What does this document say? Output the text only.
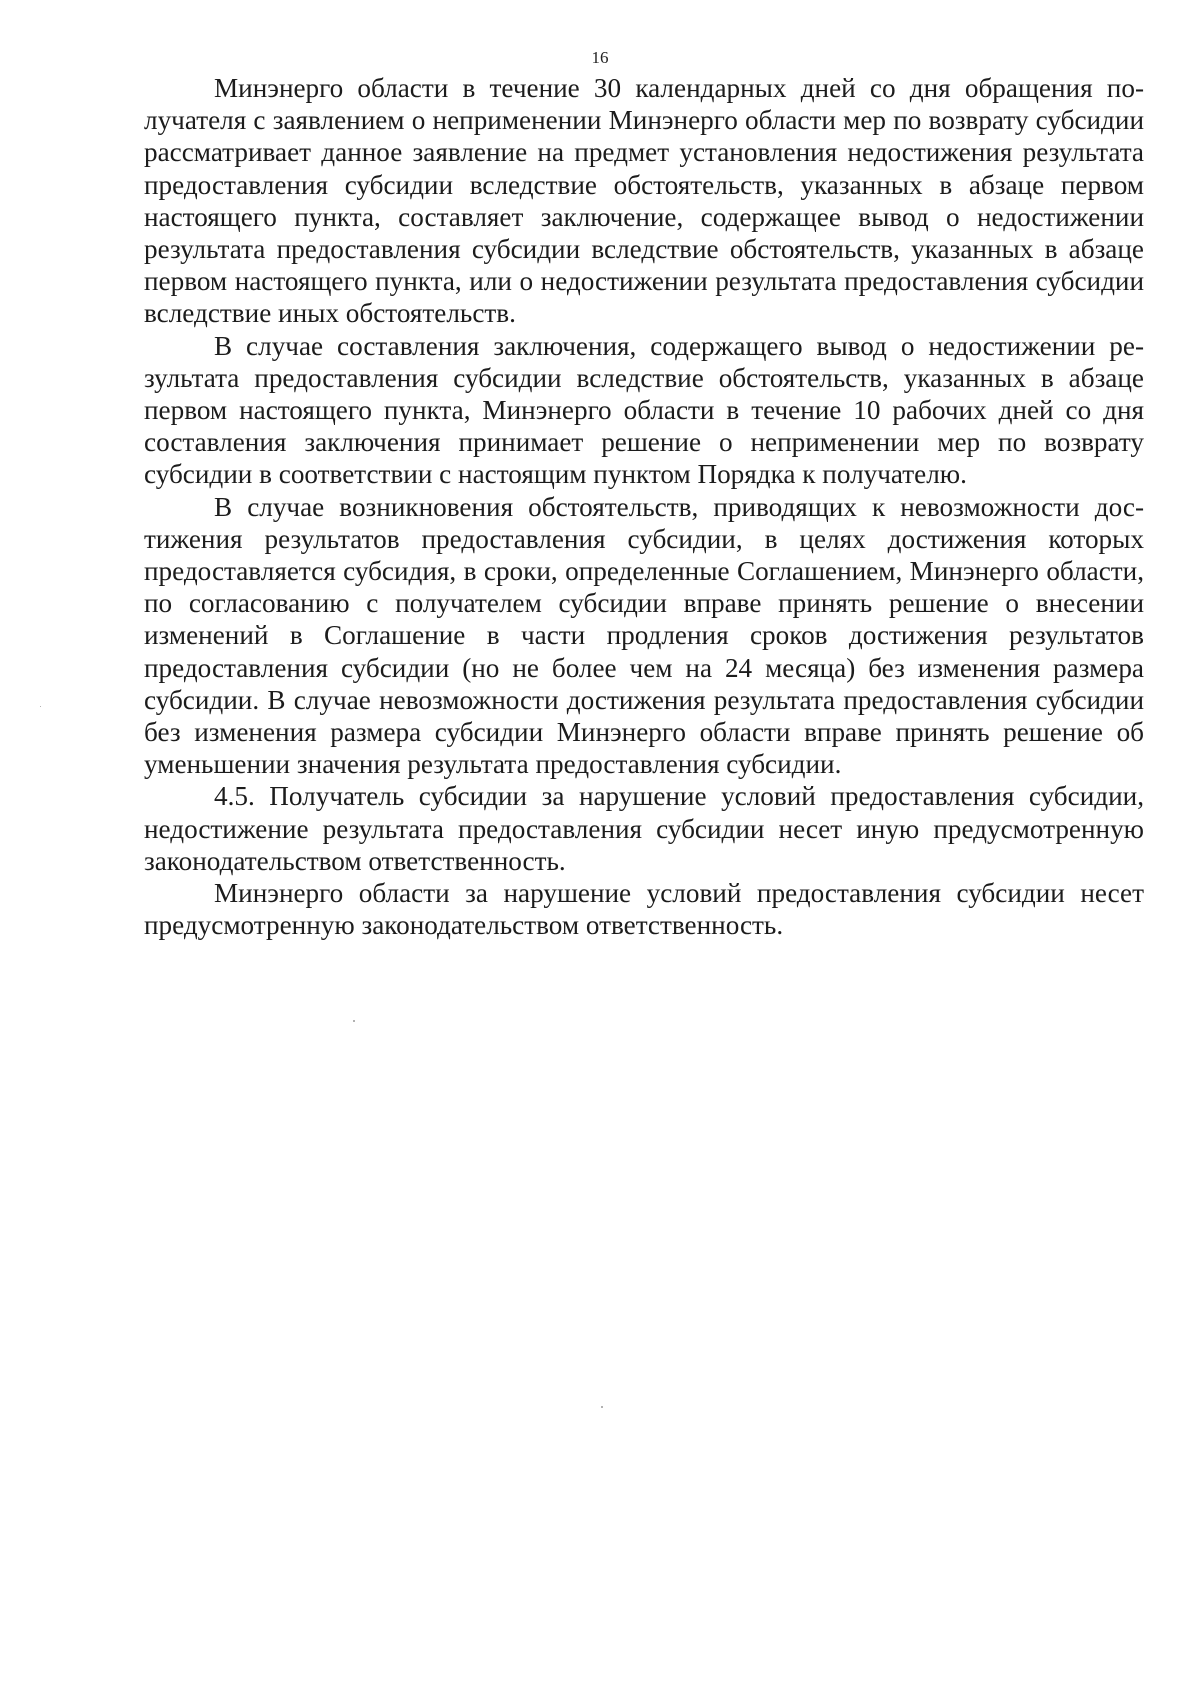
16

Минэнерго области в течение 30 календарных дней со дня обращения получателя с заявлением о неприменении Минэнерго области мер по возврату субсидии рассматривает данное заявление на предмет установления недостижения результата предоставления субсидии вследствие обстоятельств, указанных в абзаце первом настоящего пункта, составляет заключение, содержащее вывод о недостижении результата предоставления субсидии вследствие обстоятельств, указанных в абзаце первом настоящего пункта, или о недостижении результата предоставления субсидии вследствие иных обстоятельств.

В случае составления заключения, содержащего вывод о недостижении результата предоставления субсидии вследствие обстоятельств, указанных в абзаце первом настоящего пункта, Минэнерго области в течение 10 рабочих дней со дня составления заключения принимает решение о неприменении мер по возврату субсидии в соответствии с настоящим пунктом Порядка к получателю.

В случае возникновения обстоятельств, приводящих к невозможности достижения результатов предоставления субсидии, в целях достижения которых предоставляется субсидия, в сроки, определенные Соглашением, Минэнерго области, по согласованию с получателем субсидии вправе принять решение о внесении изменений в Соглашение в части продления сроков достижения результатов предоставления субсидии (но не более чем на 24 месяца) без изменения размера субсидии. В случае невозможности достижения результата предоставления субсидии без изменения размера субсидии Минэнерго области вправе принять решение об уменьшении значения результата предоставления субсидии.

4.5. Получатель субсидии за нарушение условий предоставления субсидии, недостижение результата предоставления субсидии несет иную предусмотренную законодательством ответственность.

Минэнерго области за нарушение условий предоставления субсидии несет предусмотренную законодательством ответственность.
